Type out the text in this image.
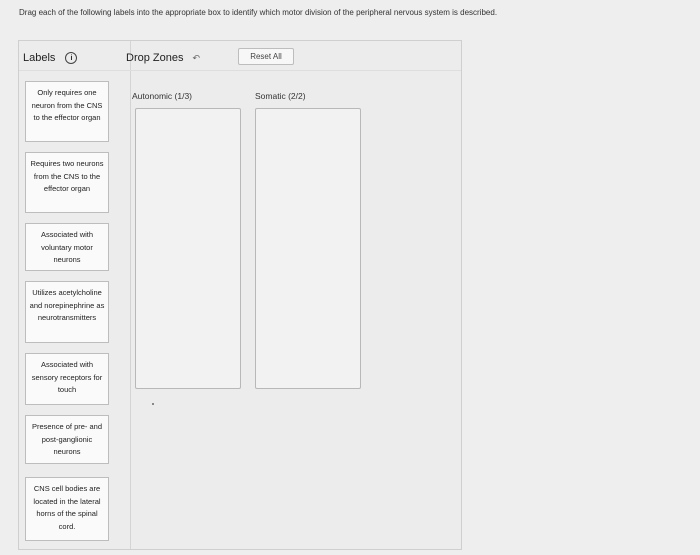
Drag each of the following labels into the appropriate box to identify which motor division of the peripheral nervous system is described.
Labels	i	Drop Zones ↶	Reset All
Only requires one neuron from the CNS to the effector organ
Requires two neurons from the CNS to the effector organ
Associated with voluntary motor neurons
Utilizes acetylcholine and norepinephrine as neurotransmitters
Associated with sensory receptors for touch
Presence of pre- and post-ganglionic neurons
CNS cell bodies are located in the lateral horns of the spinal cord.
Autonomic (1/3)	Somatic (2/2)
